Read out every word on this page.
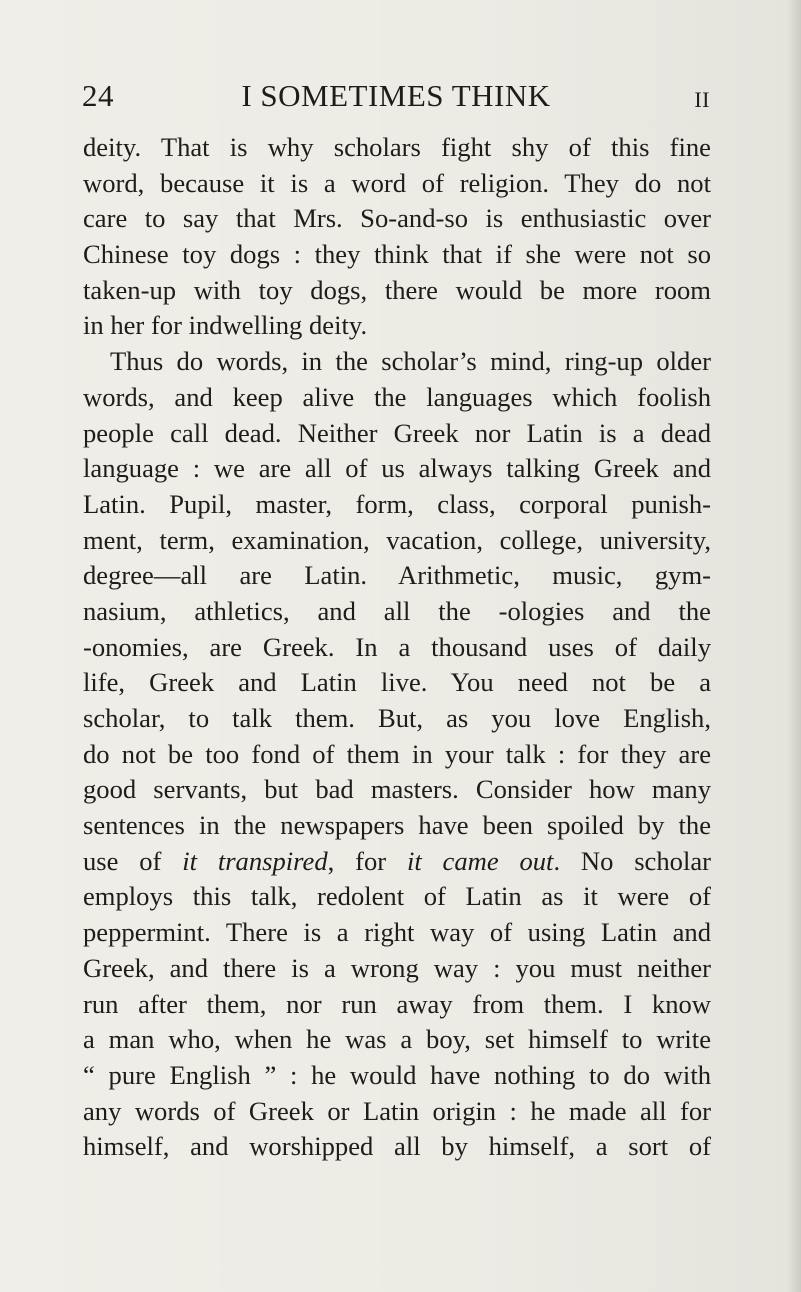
24	I SOMETIMES THINK	II
deity. That is why scholars fight shy of this fine
word, because it is a word of religion. They do not
care to say that Mrs. So-and-so is enthusiastic over
Chinese toy dogs : they think that if she were not so
taken-up with toy dogs, there would be more room
in her for indwelling deity.
Thus do words, in the scholar’s mind, ring-up older
words, and keep alive the languages which foolish
people call dead. Neither Greek nor Latin is a dead
language : we are all of us always talking Greek and
Latin. Pupil, master, form, class, corporal punish-
ment, term, examination, vacation, college, university,
degree—all are Latin. Arithmetic, music, gym-
nasium, athletics, and all the -ologies and the
-onomies, are Greek. In a thousand uses of daily
life, Greek and Latin live. You need not be a
scholar, to talk them. But, as you love English,
do not be too fond of them in your talk : for they are
good servants, but bad masters. Consider how many
sentences in the newspapers have been spoiled by the
use of it transpired, for it came out. No scholar
employs this talk, redolent of Latin as it were of
peppermint. There is a right way of using Latin and
Greek, and there is a wrong way : you must neither
run after them, nor run away from them. I know
a man who, when he was a boy, set himself to write
“ pure English ” : he would have nothing to do with
any words of Greek or Latin origin : he made all for
himself, and worshipped all by himself, a sort of
